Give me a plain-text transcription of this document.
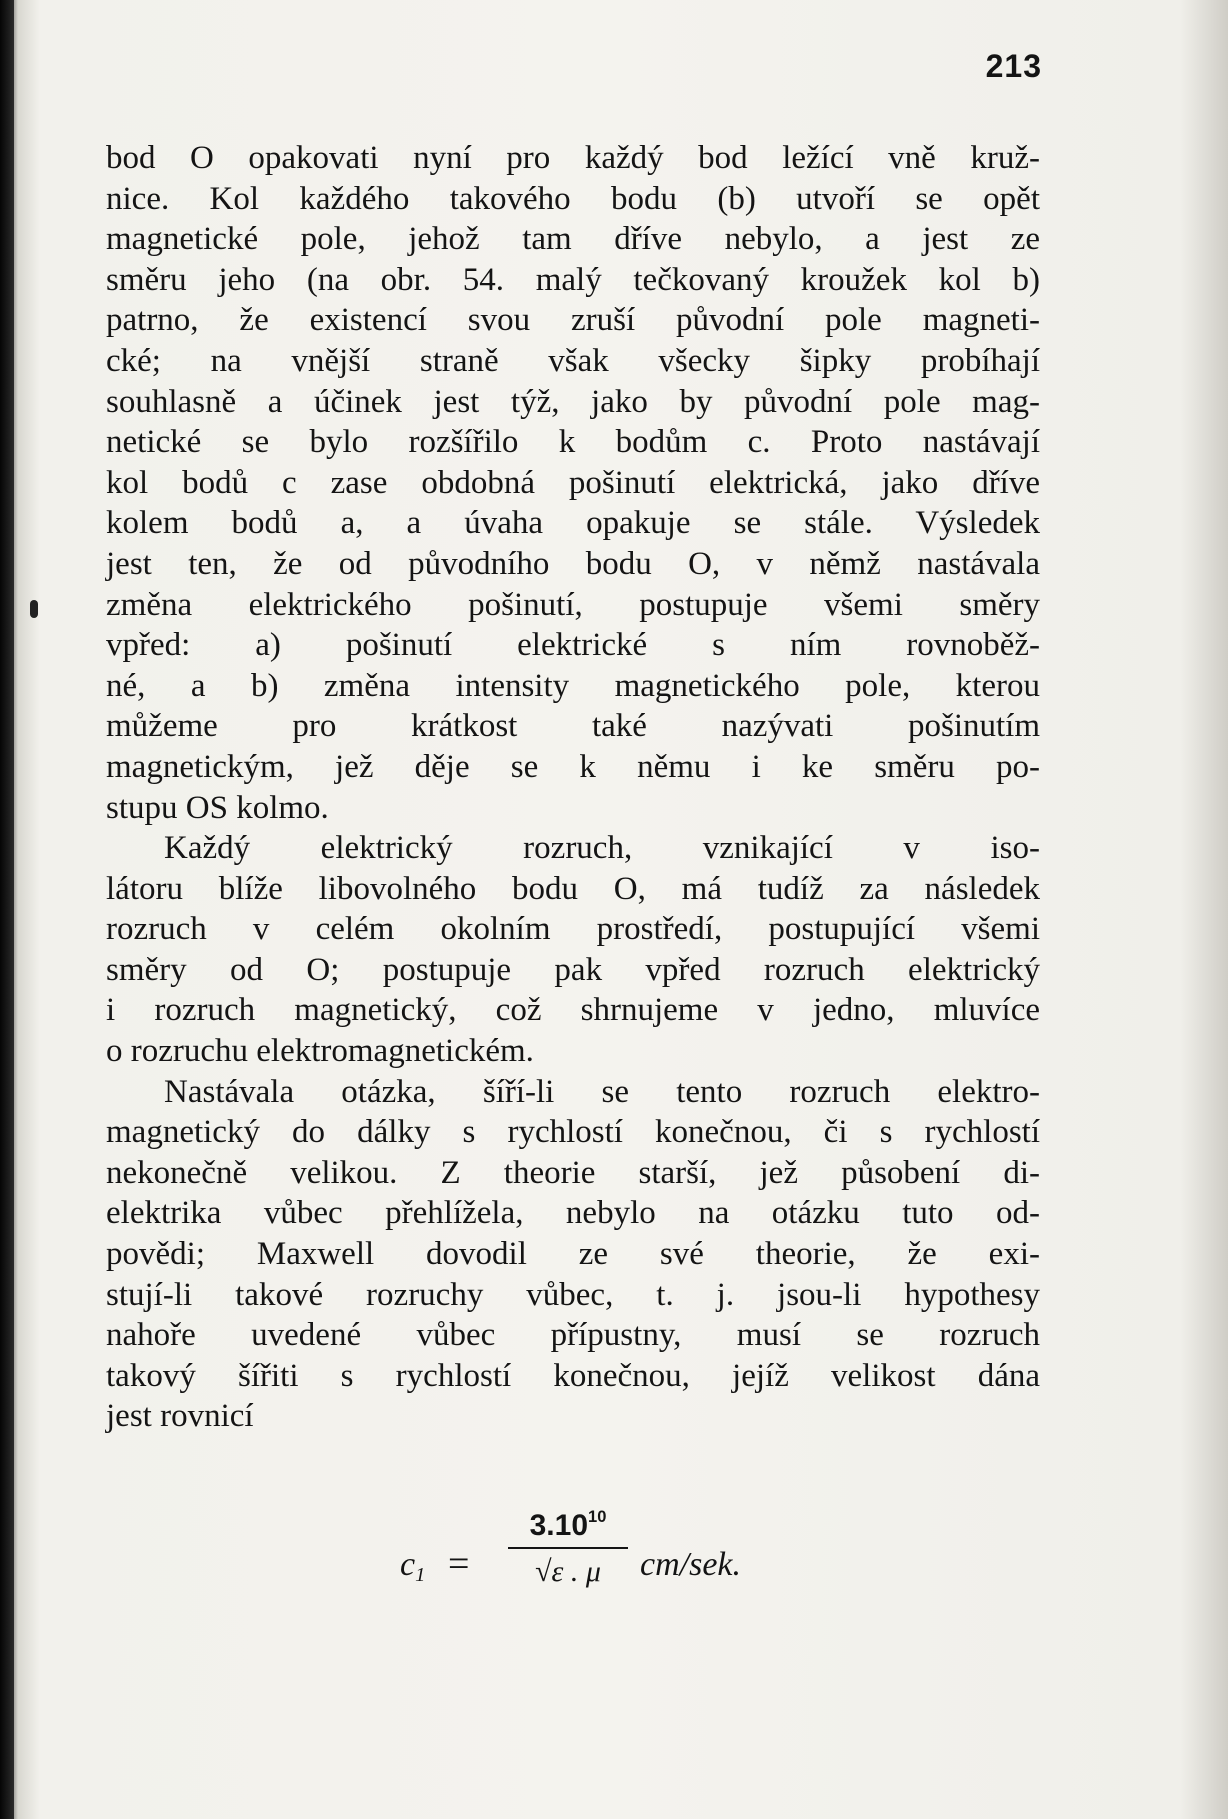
213
bod O opakovati nyní pro každý bod ležící vně kruž-
nice. Kol každého takového bodu (b) utvoří se opět
magnetické pole, jehož tam dříve nebylo, a jest ze
směru jeho (na obr. 54. malý tečkovaný kroužek kol b)
patrno, že existencí svou zruší původní pole magneti-
cké; na vnější straně však všecky šipky probíhají
souhlasně a účinek jest týž, jako by původní pole mag-
netické se bylo rozšířilo k bodům c. Proto nastávají
kol bodů c zase obdobná pošinutí elektrická, jako dříve
kolem bodů a, a úvaha opakuje se stále. Výsledek
jest ten, že od původního bodu O, v němž nastávala
změna elektrického pošinutí, postupuje všemi směry
vpřed: a) pošinutí elektrické s ním rovnoběž-
né, a b) změna intensity magnetického pole, kterou
můžeme pro krátkost také nazývati pošinutím
magnetickým, jež děje se k němu i ke směru po-
stupu OS kolmo.
Každý elektrický rozruch, vznikající v iso-
látoru blíže libovolného bodu O, má tudíž za následek
rozruch v celém okolním prostředí, postupující všemi
směry od O; postupuje pak vpřed rozruch elektrický
i rozruch magnetický, což shrnujeme v jedno, mluvíce
o rozruchu elektromagnetickém.
Nastávala otázka, šíří-li se tento rozruch elektro-
magnetický do dálky s rychlostí konečnou, či s rychlostí
nekonečně velikou. Z theorie starší, jež působení di-
elektrika vůbec přehlížela, nebylo na otázku tuto od-
povědi; Maxwell dovodil ze své theorie, že exi-
stují-li takové rozruchy vůbec, t. j. jsou-li hypothesy
nahoře uvedené vůbec přípustny, musí se rozruch
takový šířiti s rychlostí konečnou, jejíž velikost dána
jest rovnicí
$c_1$ =
$3.10^{10}$
√ε . μ	cm/sek.
